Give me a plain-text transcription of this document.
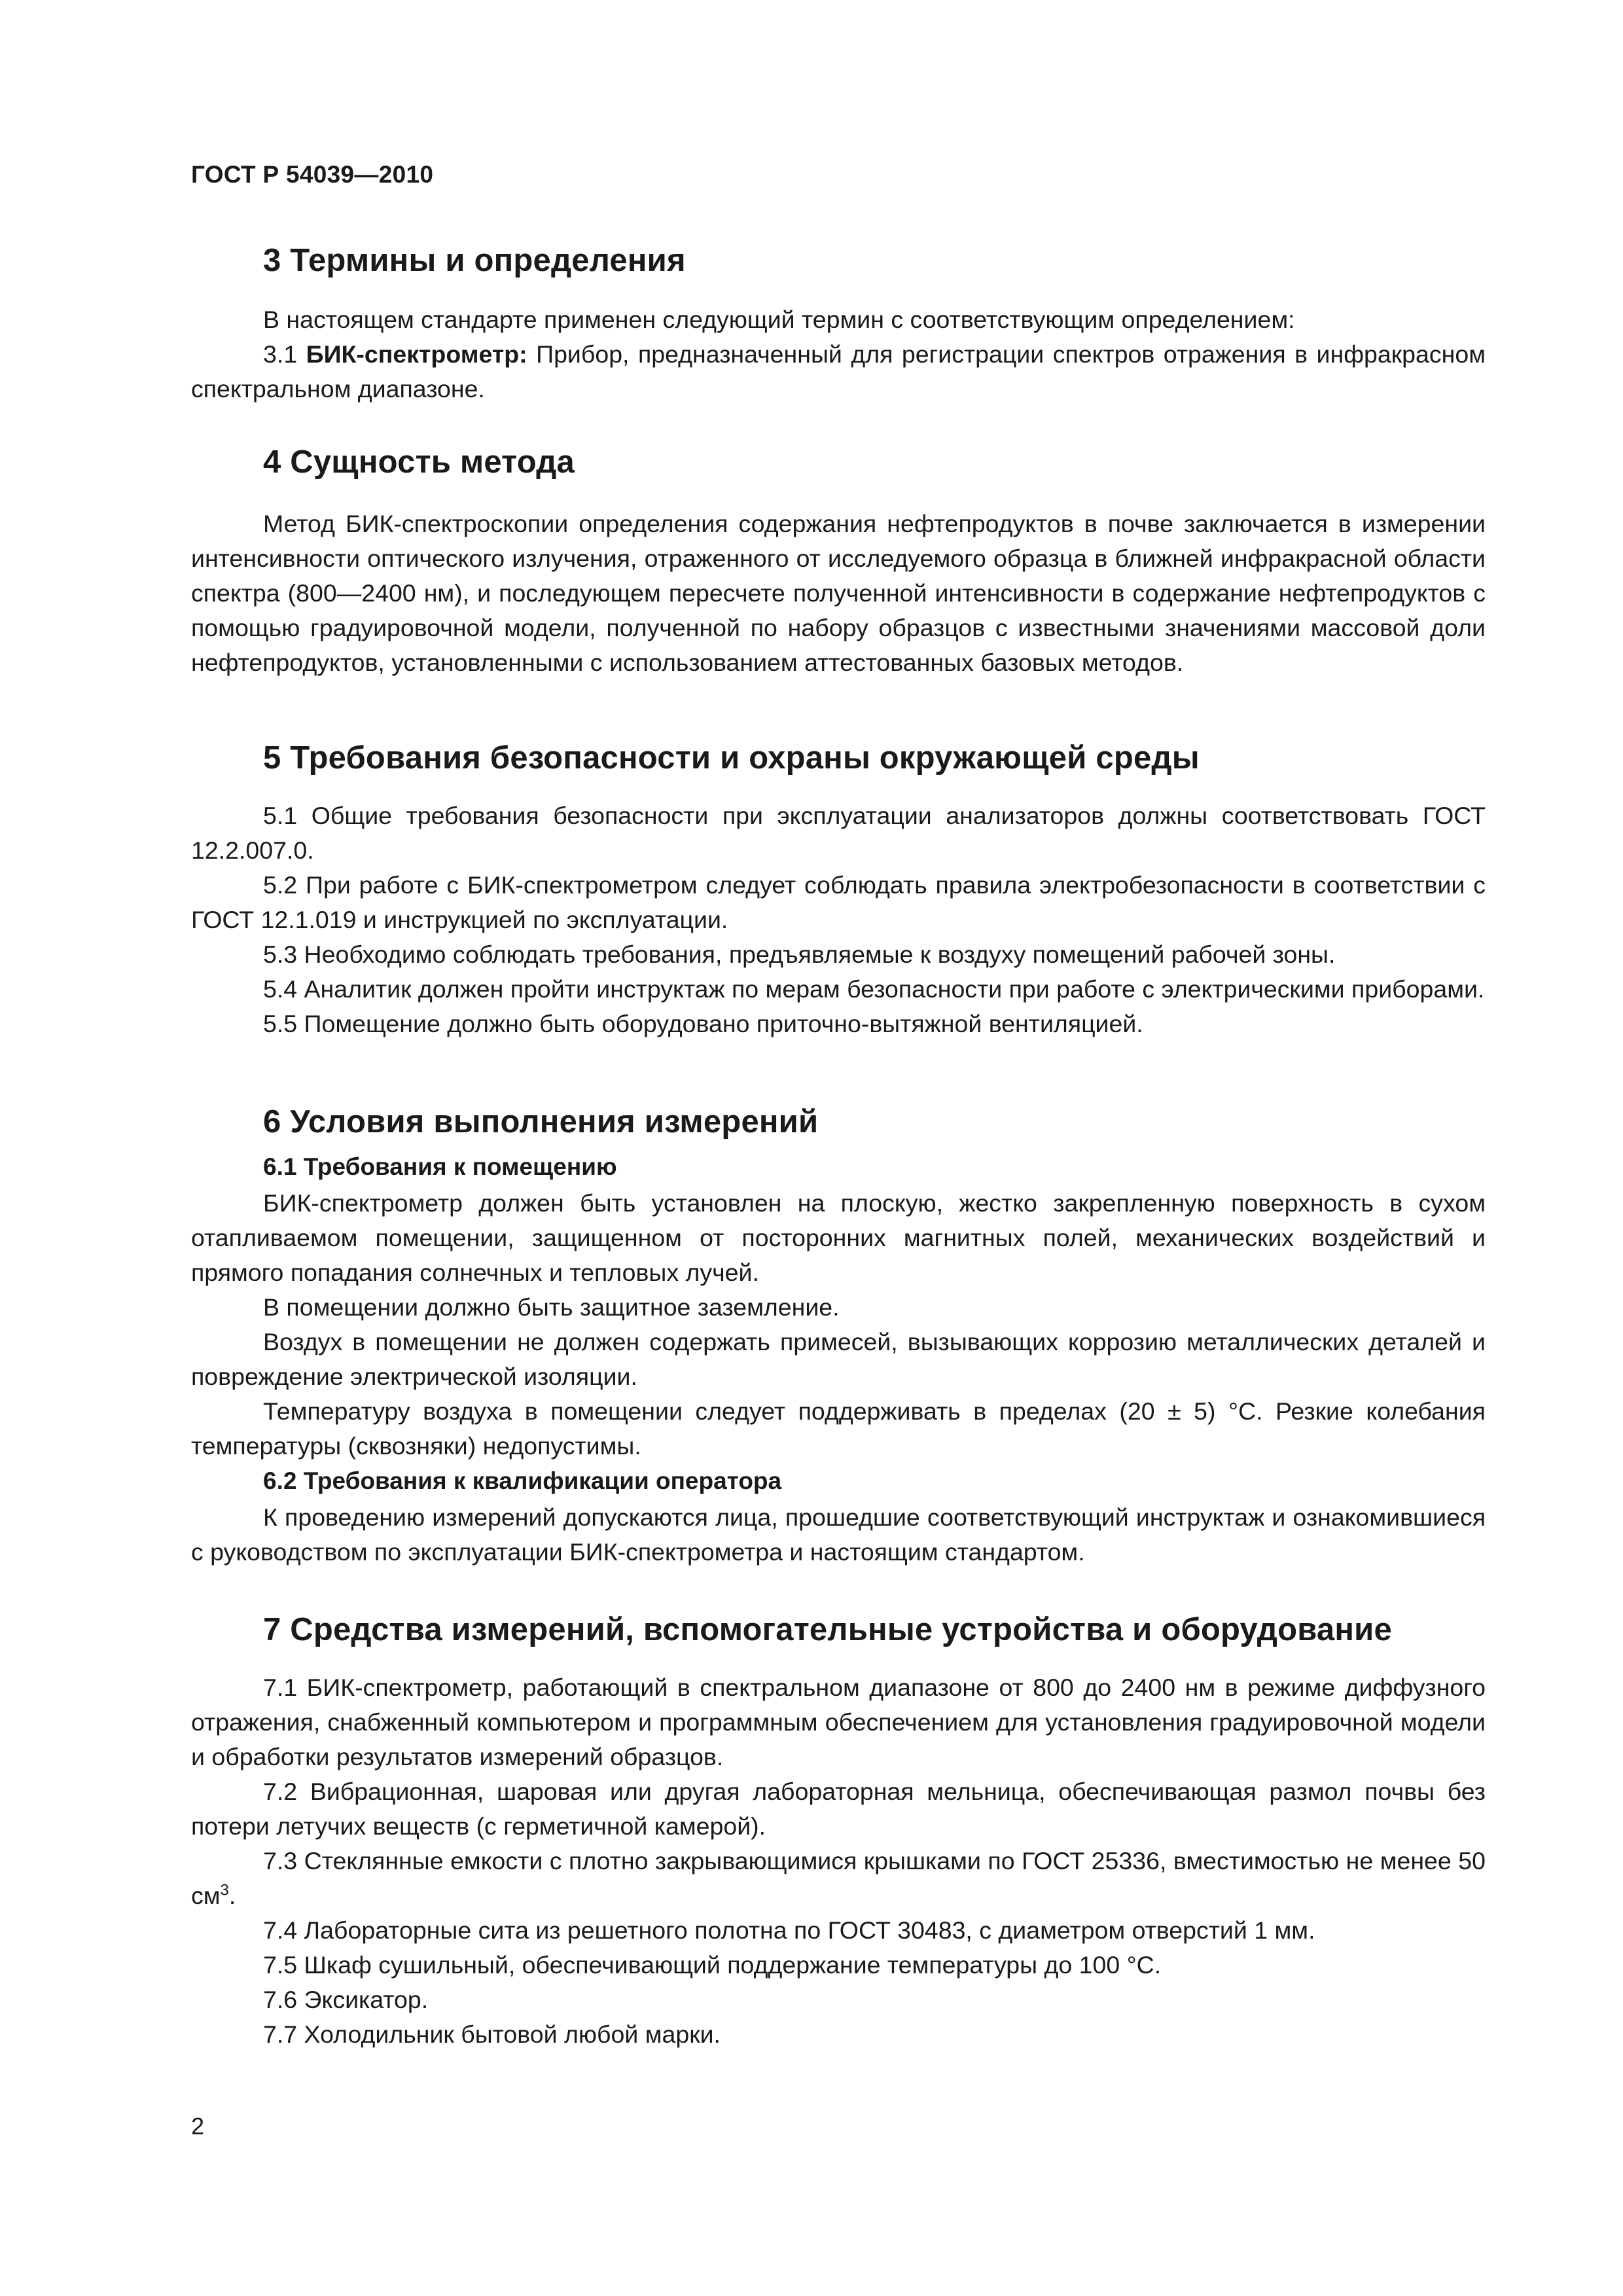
ГОСТ Р 54039—2010
3 Термины и определения

В настоящем стандарте применен следующий термин с соответствующим определением:

3.1 БИК-спектрометр: Прибор, предназначенный для регистрации спектров отражения в инфракрасном спектральном диапазоне.

4 Сущность метода

Метод БИК-спектроскопии определения содержания нефтепродуктов в почве заключается в измерении интенсивности оптического излучения, отраженного от исследуемого образца в ближней инфракрасной области спектра (800—2400 нм), и последующем пересчете полученной интенсивности в содержание нефтепродуктов с помощью градуировочной модели, полученной по набору образцов с известными значениями массовой доли нефтепродуктов, установленными с использованием аттестованных базовых методов.

5 Требования безопасности и охраны окружающей среды

5.1 Общие требования безопасности при эксплуатации анализаторов должны соответствовать ГОСТ 12.2.007.0.

5.2 При работе с БИК-спектрометром следует соблюдать правила электробезопасности в соответствии с ГОСТ 12.1.019 и инструкцией по эксплуатации.

5.3 Необходимо соблюдать требования, предъявляемые к воздуху помещений рабочей зоны.

5.4 Аналитик должен пройти инструктаж по мерам безопасности при работе с электрическими приборами.

5.5 Помещение должно быть оборудовано приточно-вытяжной вентиляцией.

6 Условия выполнения измерений
6.1 Требования к помещению

БИК-спектрометр должен быть установлен на плоскую, жестко закрепленную поверхность в сухом отапливаемом помещении, защищенном от посторонних магнитных полей, механических воздействий и прямого попадания солнечных и тепловых лучей.

В помещении должно быть защитное заземление.

Воздух в помещении не должен содержать примесей, вызывающих коррозию металлических деталей и повреждение электрической изоляции.

Температуру воздуха в помещении следует поддерживать в пределах (20 ± 5) °С. Резкие колебания температуры (сквозняки) недопустимы.

6.2 Требования к квалификации оператора

К проведению измерений допускаются лица, прошедшие соответствующий инструктаж и ознакомившиеся с руководством по эксплуатации БИК-спектрометра и настоящим стандартом.

7 Средства измерений, вспомогательные устройства и оборудование

7.1 БИК-спектрометр, работающий в спектральном диапазоне от 800 до 2400 нм в режиме диффузного отражения, снабженный компьютером и программным обеспечением для установления градуировочной модели и обработки результатов измерений образцов.

7.2 Вибрационная, шаровая или другая лабораторная мельница, обеспечивающая размол почвы без потери летучих веществ (с герметичной камерой).

7.3 Стеклянные емкости с плотно закрывающимися крышками по ГОСТ 25336, вместимостью не менее 50 $см^3$.

7.4 Лабораторные сита из решетного полотна по ГОСТ 30483, с диаметром отверстий 1 мм.

7.5 Шкаф сушильный, обеспечивающий поддержание температуры до 100 °С.

7.6 Эксикатор.

7.7 Холодильник бытовой любой марки.

2
